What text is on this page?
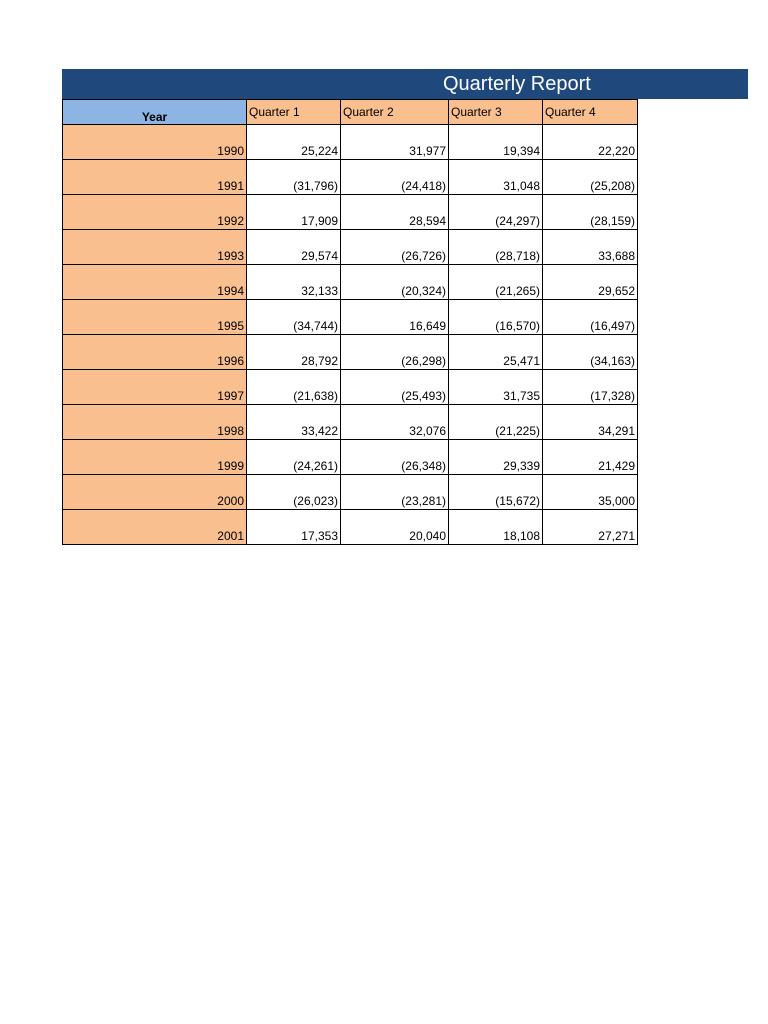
Quarterly Report
Year	Quarter 1	Quarter 2	Quarter 3	Quarter 4
1990	25,224	31,977	19,394	22,220
1991	(31,796)	(24,418)	31,048	(25,208)
1992	17,909	28,594	(24,297)	(28,159)
1993	29,574	(26,726)	(28,718)	33,688
1994	32,133	(20,324)	(21,265)	29,652
1995	(34,744)	16,649	(16,570)	(16,497)
1996	28,792	(26,298)	25,471	(34,163)
1997	(21,638)	(25,493)	31,735	(17,328)
1998	33,422	32,076	(21,225)	34,291
1999	(24,261)	(26,348)	29,339	21,429
2000	(26,023)	(23,281)	(15,672)	35,000
2001	17,353	20,040	18,108	27,271
